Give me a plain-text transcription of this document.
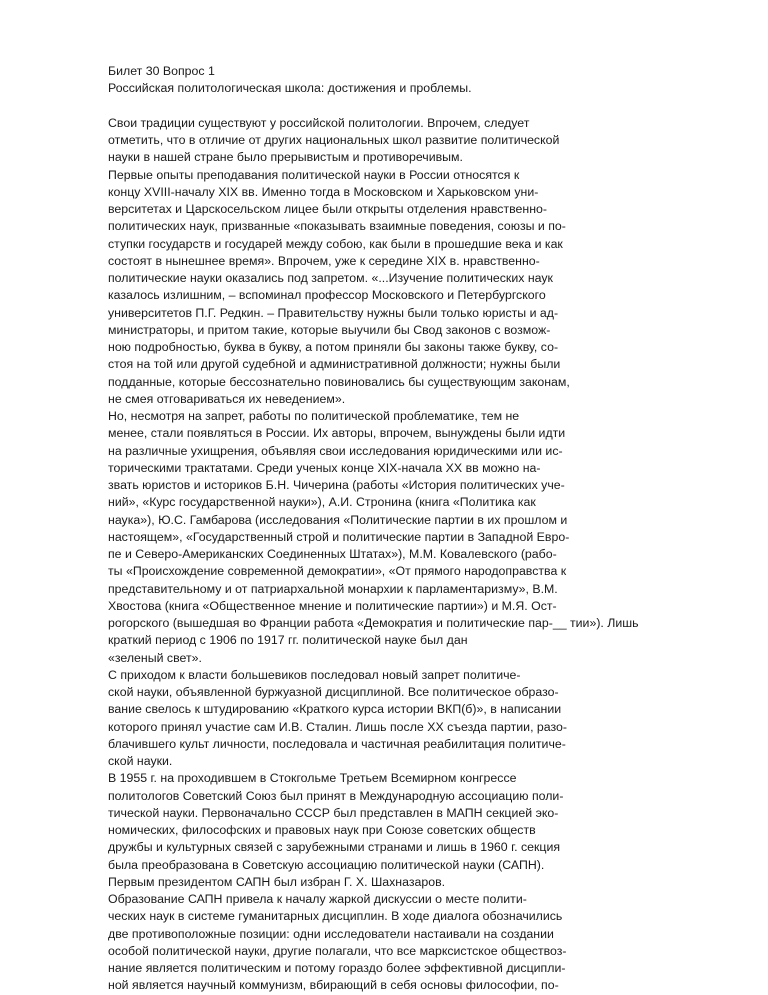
Билет 30 Вопрос 1
Российская политологическая школа: достижения и проблемы.
Свои традиции существуют у российской политологии. Впрочем, следует
отметить, что в отличие от других национальных школ развитие политической
науки в нашей стране было прерывистым и противоречивым.
Первые опыты преподавания политической науки в России относятся к
концу XVIII-началу XIX вв. Именно тогда в Московском и Харьковском уни-
верситетах и Царскосельском лицее были открыты отделения нравственно-
политических наук, призванные «показывать взаимные поведения, союзы и по-
ступки государств и государей между собою, как были в прошедшие века и как
состоят в нынешнее время». Впрочем, уже к середине XIX в. нравственно-
политические науки оказались под запретом. «...Изучение политических наук
казалось излишним, – вспоминал профессор Московского и Петербургского
университетов П.Г. Редкин. – Правительству нужны были только юристы и ад-
министраторы, и притом такие, которые выучили бы Свод законов с возмож-
ною подробностью, буква в букву, а потом приняли бы законы также букву, со-
стоя на той или другой судебной и административной должности; нужны были
подданные, которые бессознательно повиновались бы существующим законам,
не смея отговариваться их неведением».
Но, несмотря на запрет, работы по политической проблематике, тем не
менее, стали появляться в России. Их авторы, впрочем, вынуждены были идти
на различные ухищрения, объявляя свои исследования юридическими или ис-
торическими трактатами. Среди ученых конце XIX-начала XX вв можно на-
звать юристов и историков Б.Н. Чичерина (работы «История политических уче-
ний», «Курс государственной науки»), А.И. Стронина (книга «Политика как
наука»), Ю.С. Гамбарова (исследования «Политические партии в их прошлом и
настоящем», «Государственный строй и политические партии в Западной Евро-
пе и Северо-Американских Соединенных Штатах»), М.М. Ковалевского (рабо-
ты «Происхождение современной демократии», «От прямого народоправства к
представительному и от патриархальной монархии к парламентаризму», В.М.
Хвостова (книга «Общественное мнение и политические партии») и М.Я. Ост-
рогорского (вышедшая во Франции работа «Демократия и политические пар-__ тии»). Лишь
краткий период с 1906 по 1917 гг. политической науке был дан
«зеленый свет».
С приходом к власти большевиков последовал новый запрет политиче-
ской науки, объявленной буржуазной дисциплиной. Все политическое образо-
вание свелось к штудированию «Краткого курса истории ВКП(б)», в написании
которого принял участие сам И.В. Сталин. Лишь после XX съезда партии, разо-
блачившего культ личности, последовала и частичная реабилитация политиче-
ской науки.
В 1955 г. на проходившем в Стокгольме Третьем Всемирном конгрессе
политологов Советский Союз был принят в Международную ассоциацию поли-
тической науки. Первоначально СССР был представлен в МАПН секцией эко-
номических, философских и правовых наук при Союзе советских обществ
дружбы и культурных связей с зарубежными странами и лишь в 1960 г. секция
была преобразована в Советскую ассоциацию политической науки (САПН).
Первым президентом САПН был избран Г. Х. Шахназаров.
Образование САПН привела к началу жаркой дискуссии о месте полити-
ческих наук в системе гуманитарных дисциплин. В ходе диалога обозначились
две противоположные позиции: одни исследователи настаивали на создании
особой политической науки, другие полагали, что все марксистское обществоз-
нание является политическим и потому гораздо более эффективной дисципли-
ной является научный коммунизм, вбирающий в себя основы философии, по-
